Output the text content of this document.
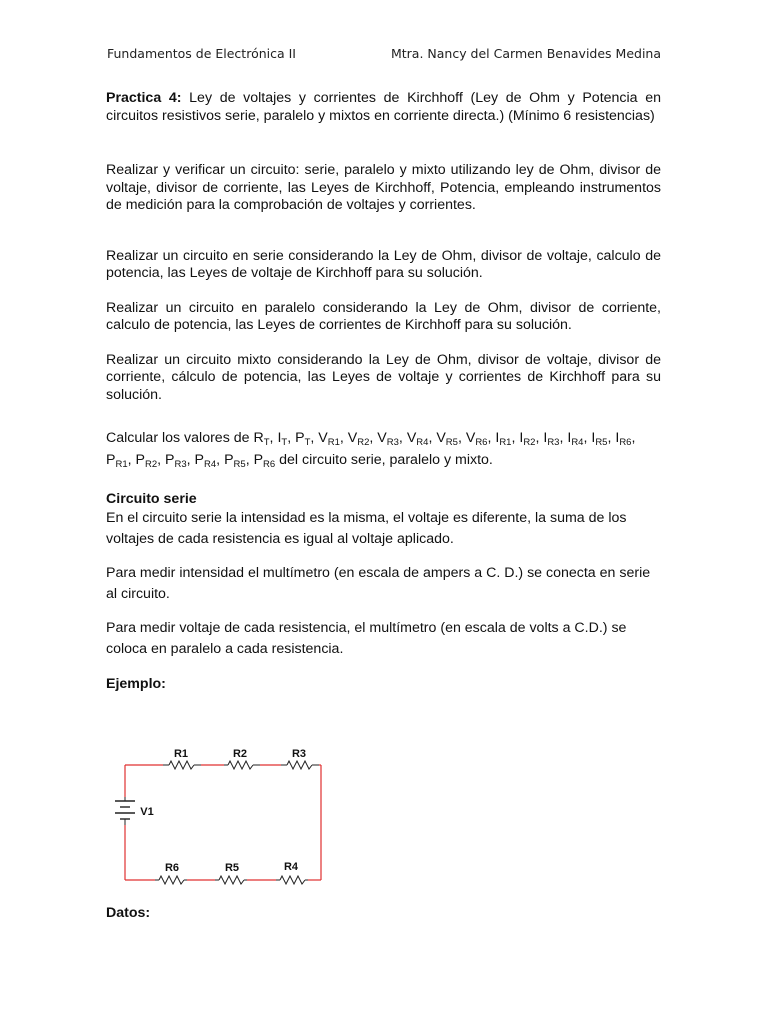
Fundamentos de Electrónica II	Mtra. Nancy del Carmen Benavides Medina

Practica 4: Ley de voltajes y corrientes de Kirchhoff (Ley de Ohm y Potencia en circuitos resistivos serie, paralelo y mixtos en corriente directa.) (Mínimo 6 resistencias)

Realizar y verificar un circuito: serie, paralelo y mixto utilizando ley de Ohm, divisor de voltaje, divisor de corriente, las Leyes de Kirchhoff, Potencia, empleando instrumentos de medición para la comprobación de voltajes y corrientes.

Realizar un circuito en serie considerando la Ley de Ohm, divisor de voltaje, calculo de potencia, las Leyes de voltaje de Kirchhoff para su solución.

Realizar un circuito en paralelo considerando la Ley de Ohm, divisor de corriente, calculo de potencia, las Leyes de corrientes de Kirchhoff para su solución.

Realizar un circuito mixto considerando la Ley de Ohm, divisor de voltaje, divisor de corriente, cálculo de potencia, las Leyes de voltaje y corrientes de Kirchhoff para su solución.

Calcular los valores de $R_T$, $I_T$, $P_T$, $V_{R1}$, $V_{R2}$, $V_{R3}$, $V_{R4}$, $V_{R5}$, $V_{R6}$, $I_{R1}$, $I_{R2}$, $I_{R3}$, $I_{R4}$, $I_{R5}$, $I_{R6}$, $P_{R1}$, $P_{R2}$, $P_{R3}$, $P_{R4}$, $P_{R5}$, $P_{R6}$ del circuito serie, paralelo y mixto.

Circuito serie

En el circuito serie la intensidad es la misma, el voltaje es diferente, la suma de los voltajes de cada resistencia es igual al voltaje aplicado.

Para medir intensidad el multímetro (en escala de ampers a C. D.) se conecta en serie al circuito.

Para medir voltaje de cada resistencia, el multímetro (en escala de volts a C.D.) se coloca en paralelo a cada resistencia.

Ejemplo:

R1	R2	R3
R6	R5	R4
V1
Datos:
